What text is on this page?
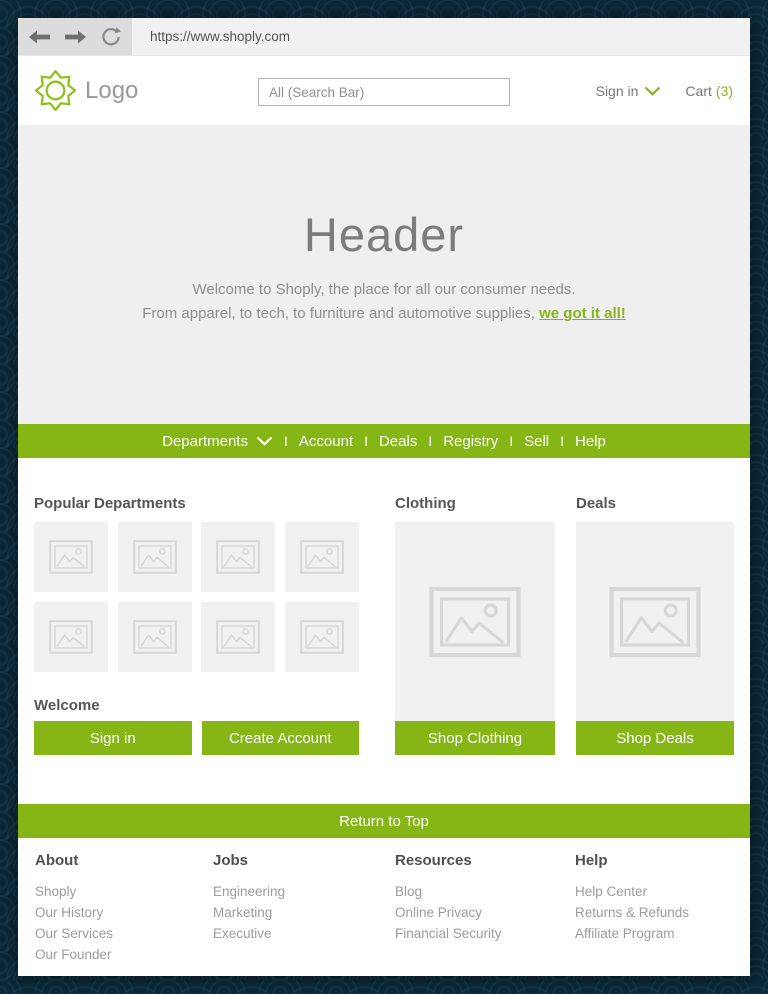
https://www.shoply.com
Logo
All (Search Bar)	Sign in	Cart (3)
Header
Welcome to Shoply, the place for all our consumer needs.
From apparel, to tech, to furniture and automotive supplies, we got it all!
Departments	I Account I Deals I Registry I Sell I Help
Popular Departments
Welcome
Sign in	Create Account
Clothing
Shop Clothing
Deals
Shop Deals
Return to Top
About
Shoply
Our History
Our Services
Our Founder
Jobs
Engineering
Marketing
Executive
Resources
Blog
Online Privacy
Financial Security
Help
Help Center
Returns & Refunds
Affiliate Program
